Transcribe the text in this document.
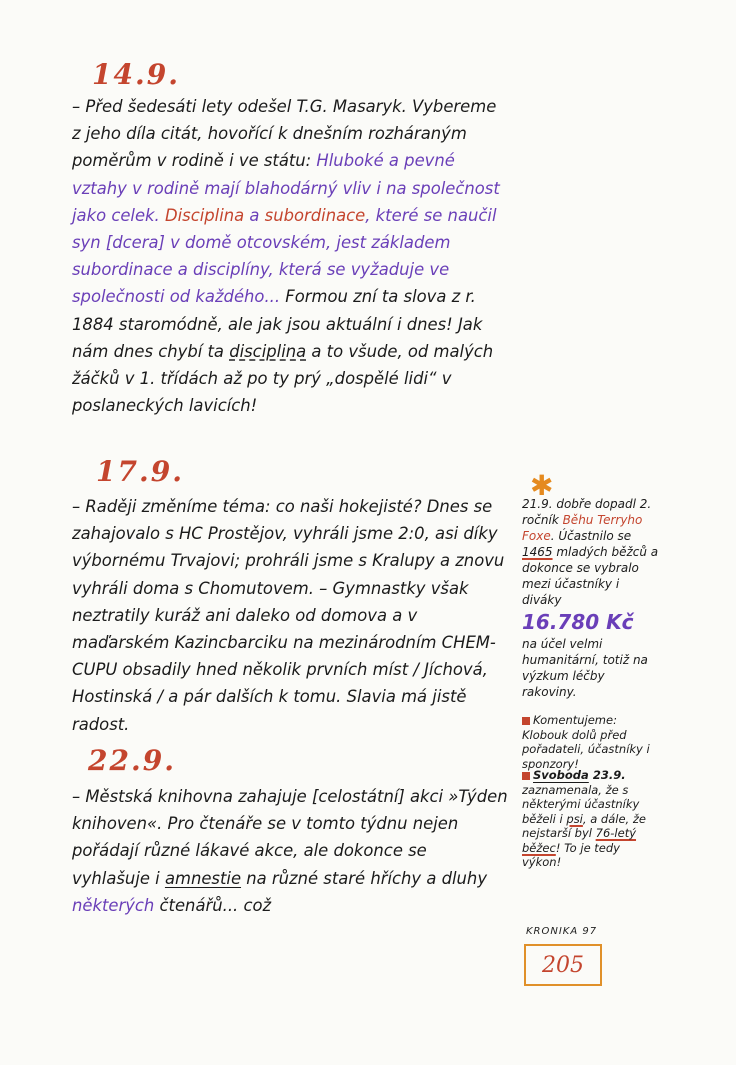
14.9.

– Před šedesáti lety odešel T.G. Masaryk. Vybereme z jeho díla citát, hovořící k dnešním rozháraným poměrům v rodině i ve státu: Hluboké a pevné vztahy v rodině mají blahodárný vliv i na společnost jako celek. Disciplina a subordinace, které se naučil syn [dcera] v domě otcovském, jest základem subordinace a disciplíny, která se vyžaduje ve společnosti od každého... Formou zní ta slova z r. 1884 staromódně, ale jak jsou aktuální i dnes! Jak nám dnes chybí ta disciplina a to všude, od malých žáčků v 1. třídách až po ty prý „dospělé lidi“ v poslaneckých lavicích!

17.9.

– Raději změníme téma: co naši hokejisté? Dnes se zahajovalo s HC Prostějov, vyhráli jsme 2:0, asi díky výbornému Trvajovi; prohráli jsme s Kralupy a znovu vyhráli doma s Chomutovem. – Gymnastky však neztratily kuráž ani daleko od domova a v maďarském Kazincbarciku na mezinárodním CHEM-CUPU obsadily hned několik prvních míst / Jíchová, Hostinská / a pár dalších k tomu. Slavia má jistě radost.

22.9.

– Městská knihovna zahajuje [celostátní] akci »Týden knihoven«. Pro čtenáře se v tomto týdnu nejen pořádají různé lákavé akce, ale dokonce se vyhlašuje i amnestie na různé staré hříchy a dluhy některých čtenářů... což

✱

21.9. dobře dopadl 2. ročník Běhu Terryho Foxe. Účastnilo se 1465 mladých běžců a dokonce se vybralo mezi účastníky i diváky
16.780 Kč
na účel velmi humanitární, totiž na výzkum léčby rakoviny.

Komentujeme: Klobouk dolů před pořadateli, účastníky i sponzory!

Svoboda 23.9. zaznamenala, že s některými účastníky běželi i psi, a dále, že nejstarší byl 76-letý běžec! To je tedy výkon!

KRONIKA 97
205
